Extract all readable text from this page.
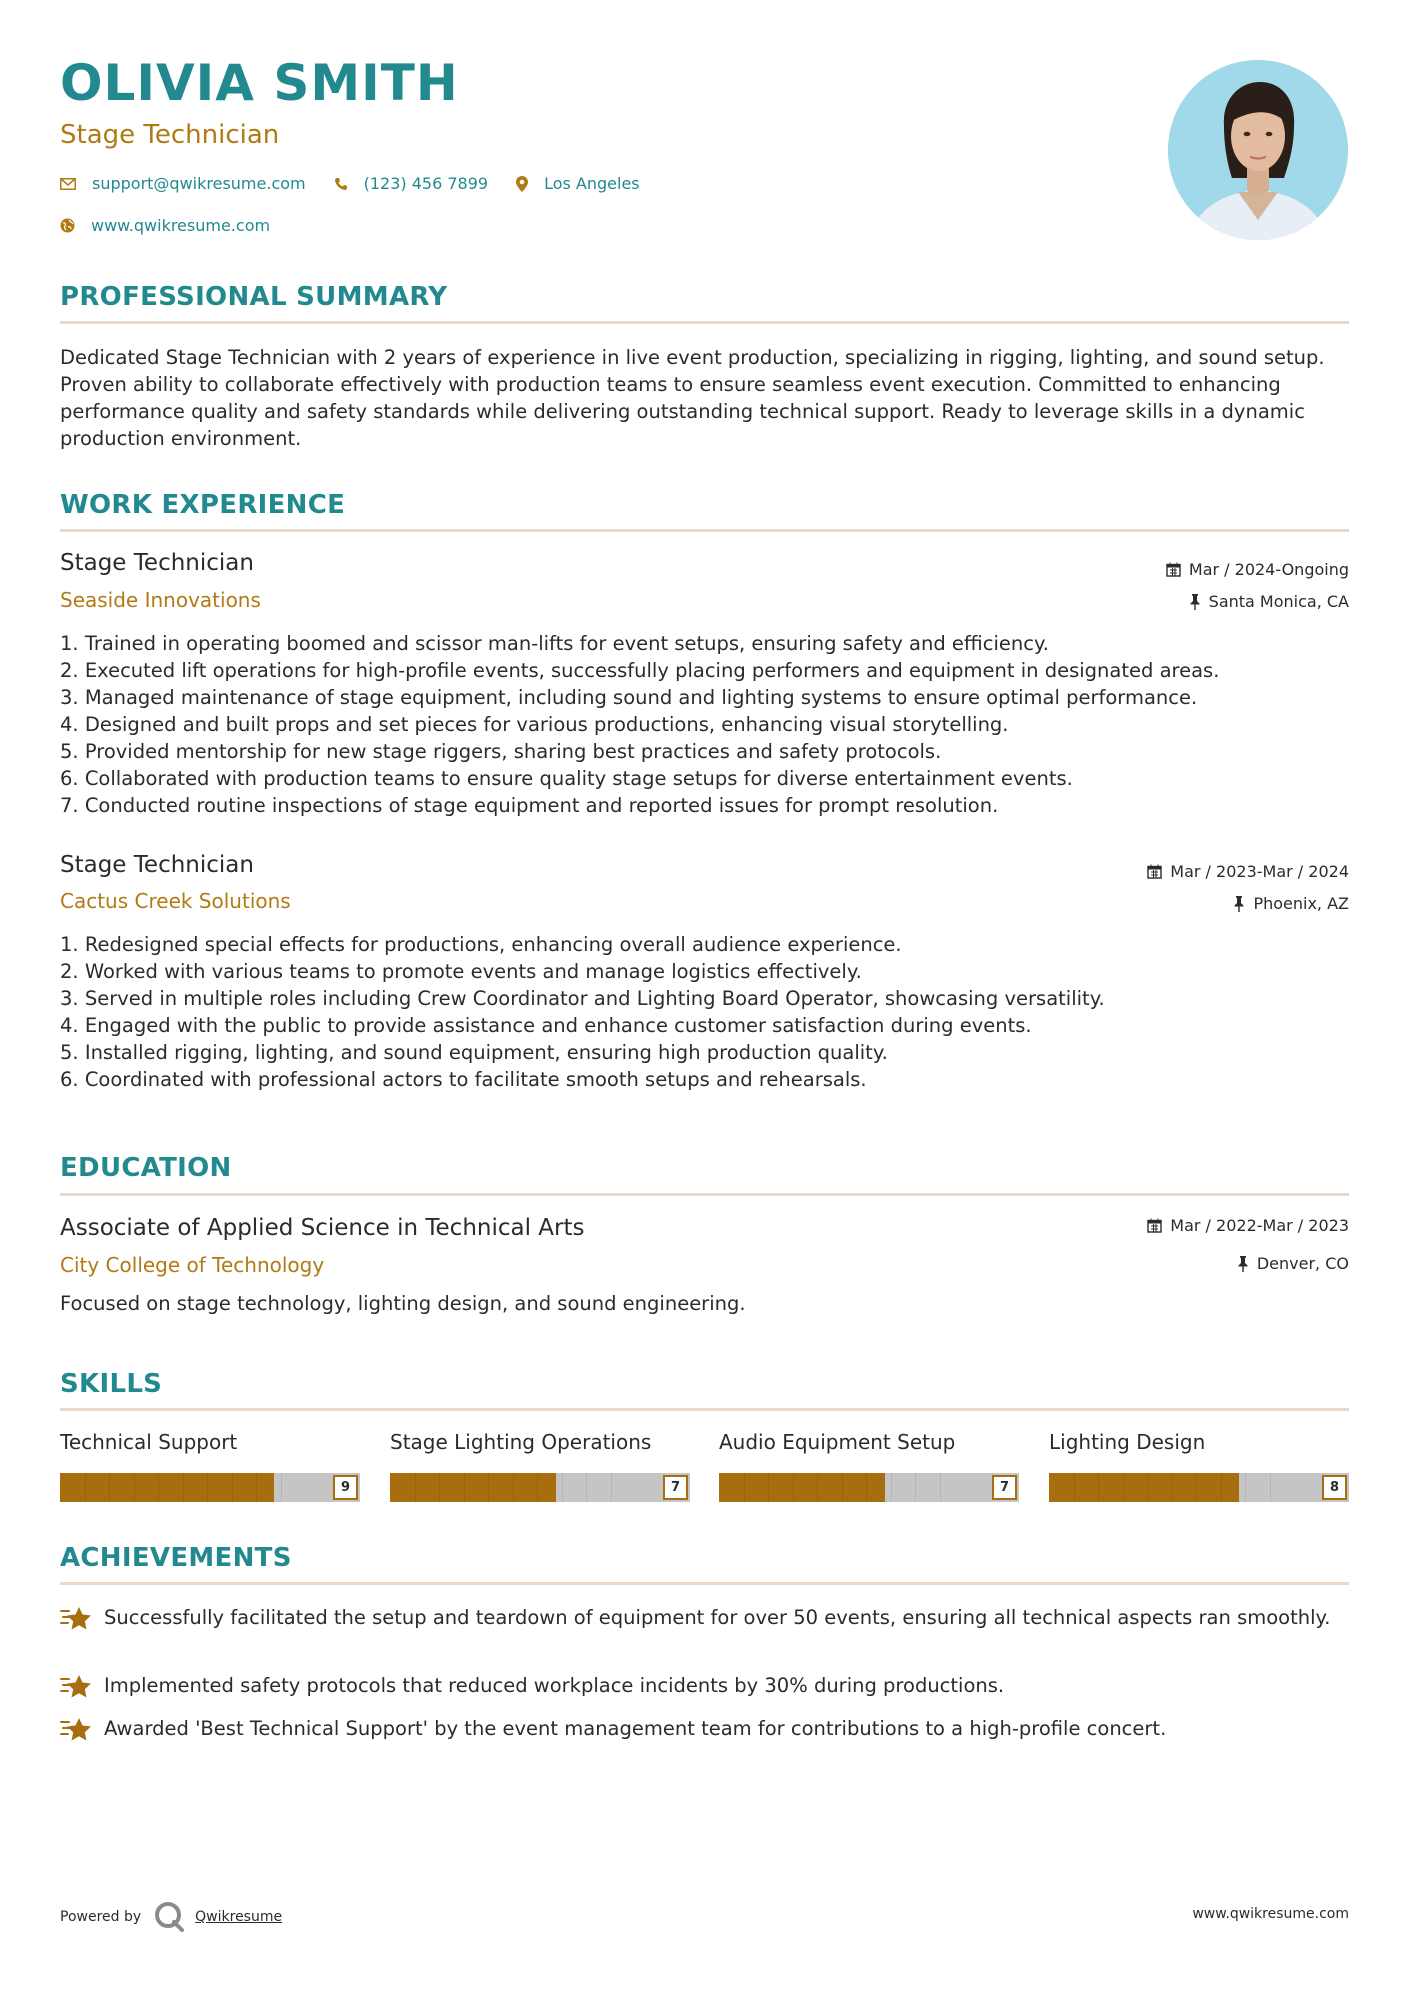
OLIVIA SMITH
Stage Technician
support@qwikresume.com	(123) 456 7899	Los Angeles
www.qwikresume.com
PROFESSIONAL SUMMARY
Dedicated Stage Technician with 2 years of experience in live event production, specializing in rigging, lighting, and sound setup. Proven ability to collaborate effectively with production teams to ensure seamless event execution. Committed to enhancing performance quality and safety standards while delivering outstanding technical support. Ready to leverage skills in a dynamic production environment.
WORK EXPERIENCE
Stage Technician
Seaside Innovations
Mar / 2024-Ongoing
Santa Monica, CA
1. Trained in operating boomed and scissor man-lifts for event setups, ensuring safety and efficiency.
2. Executed lift operations for high-profile events, successfully placing performers and equipment in designated areas.
3. Managed maintenance of stage equipment, including sound and lighting systems to ensure optimal performance.
4. Designed and built props and set pieces for various productions, enhancing visual storytelling.
5. Provided mentorship for new stage riggers, sharing best practices and safety protocols.
6. Collaborated with production teams to ensure quality stage setups for diverse entertainment events.
7. Conducted routine inspections of stage equipment and reported issues for prompt resolution.
Stage Technician
Cactus Creek Solutions
Mar / 2023-Mar / 2024
Phoenix, AZ
1. Redesigned special effects for productions, enhancing overall audience experience.
2. Worked with various teams to promote events and manage logistics effectively.
3. Served in multiple roles including Crew Coordinator and Lighting Board Operator, showcasing versatility.
4. Engaged with the public to provide assistance and enhance customer satisfaction during events.
5. Installed rigging, lighting, and sound equipment, ensuring high production quality.
6. Coordinated with professional actors to facilitate smooth setups and rehearsals.
EDUCATION
Associate of Applied Science in Technical Arts
City College of Technology
Mar / 2022-Mar / 2023
Denver, CO
Focused on stage technology, lighting design, and sound engineering.
SKILLS
Technical Support
9
Stage Lighting Operations
7
Audio Equipment Setup
7
Lighting Design
8
ACHIEVEMENTS
Successfully facilitated the setup and teardown of equipment for over 50 events, ensuring all technical aspects ran smoothly.
Implemented safety protocols that reduced workplace incidents by 30% during productions.
Awarded 'Best Technical Support' by the event management team for contributions to a high-profile concert.
Powered by	Qwikresume	www.qwikresume.com
